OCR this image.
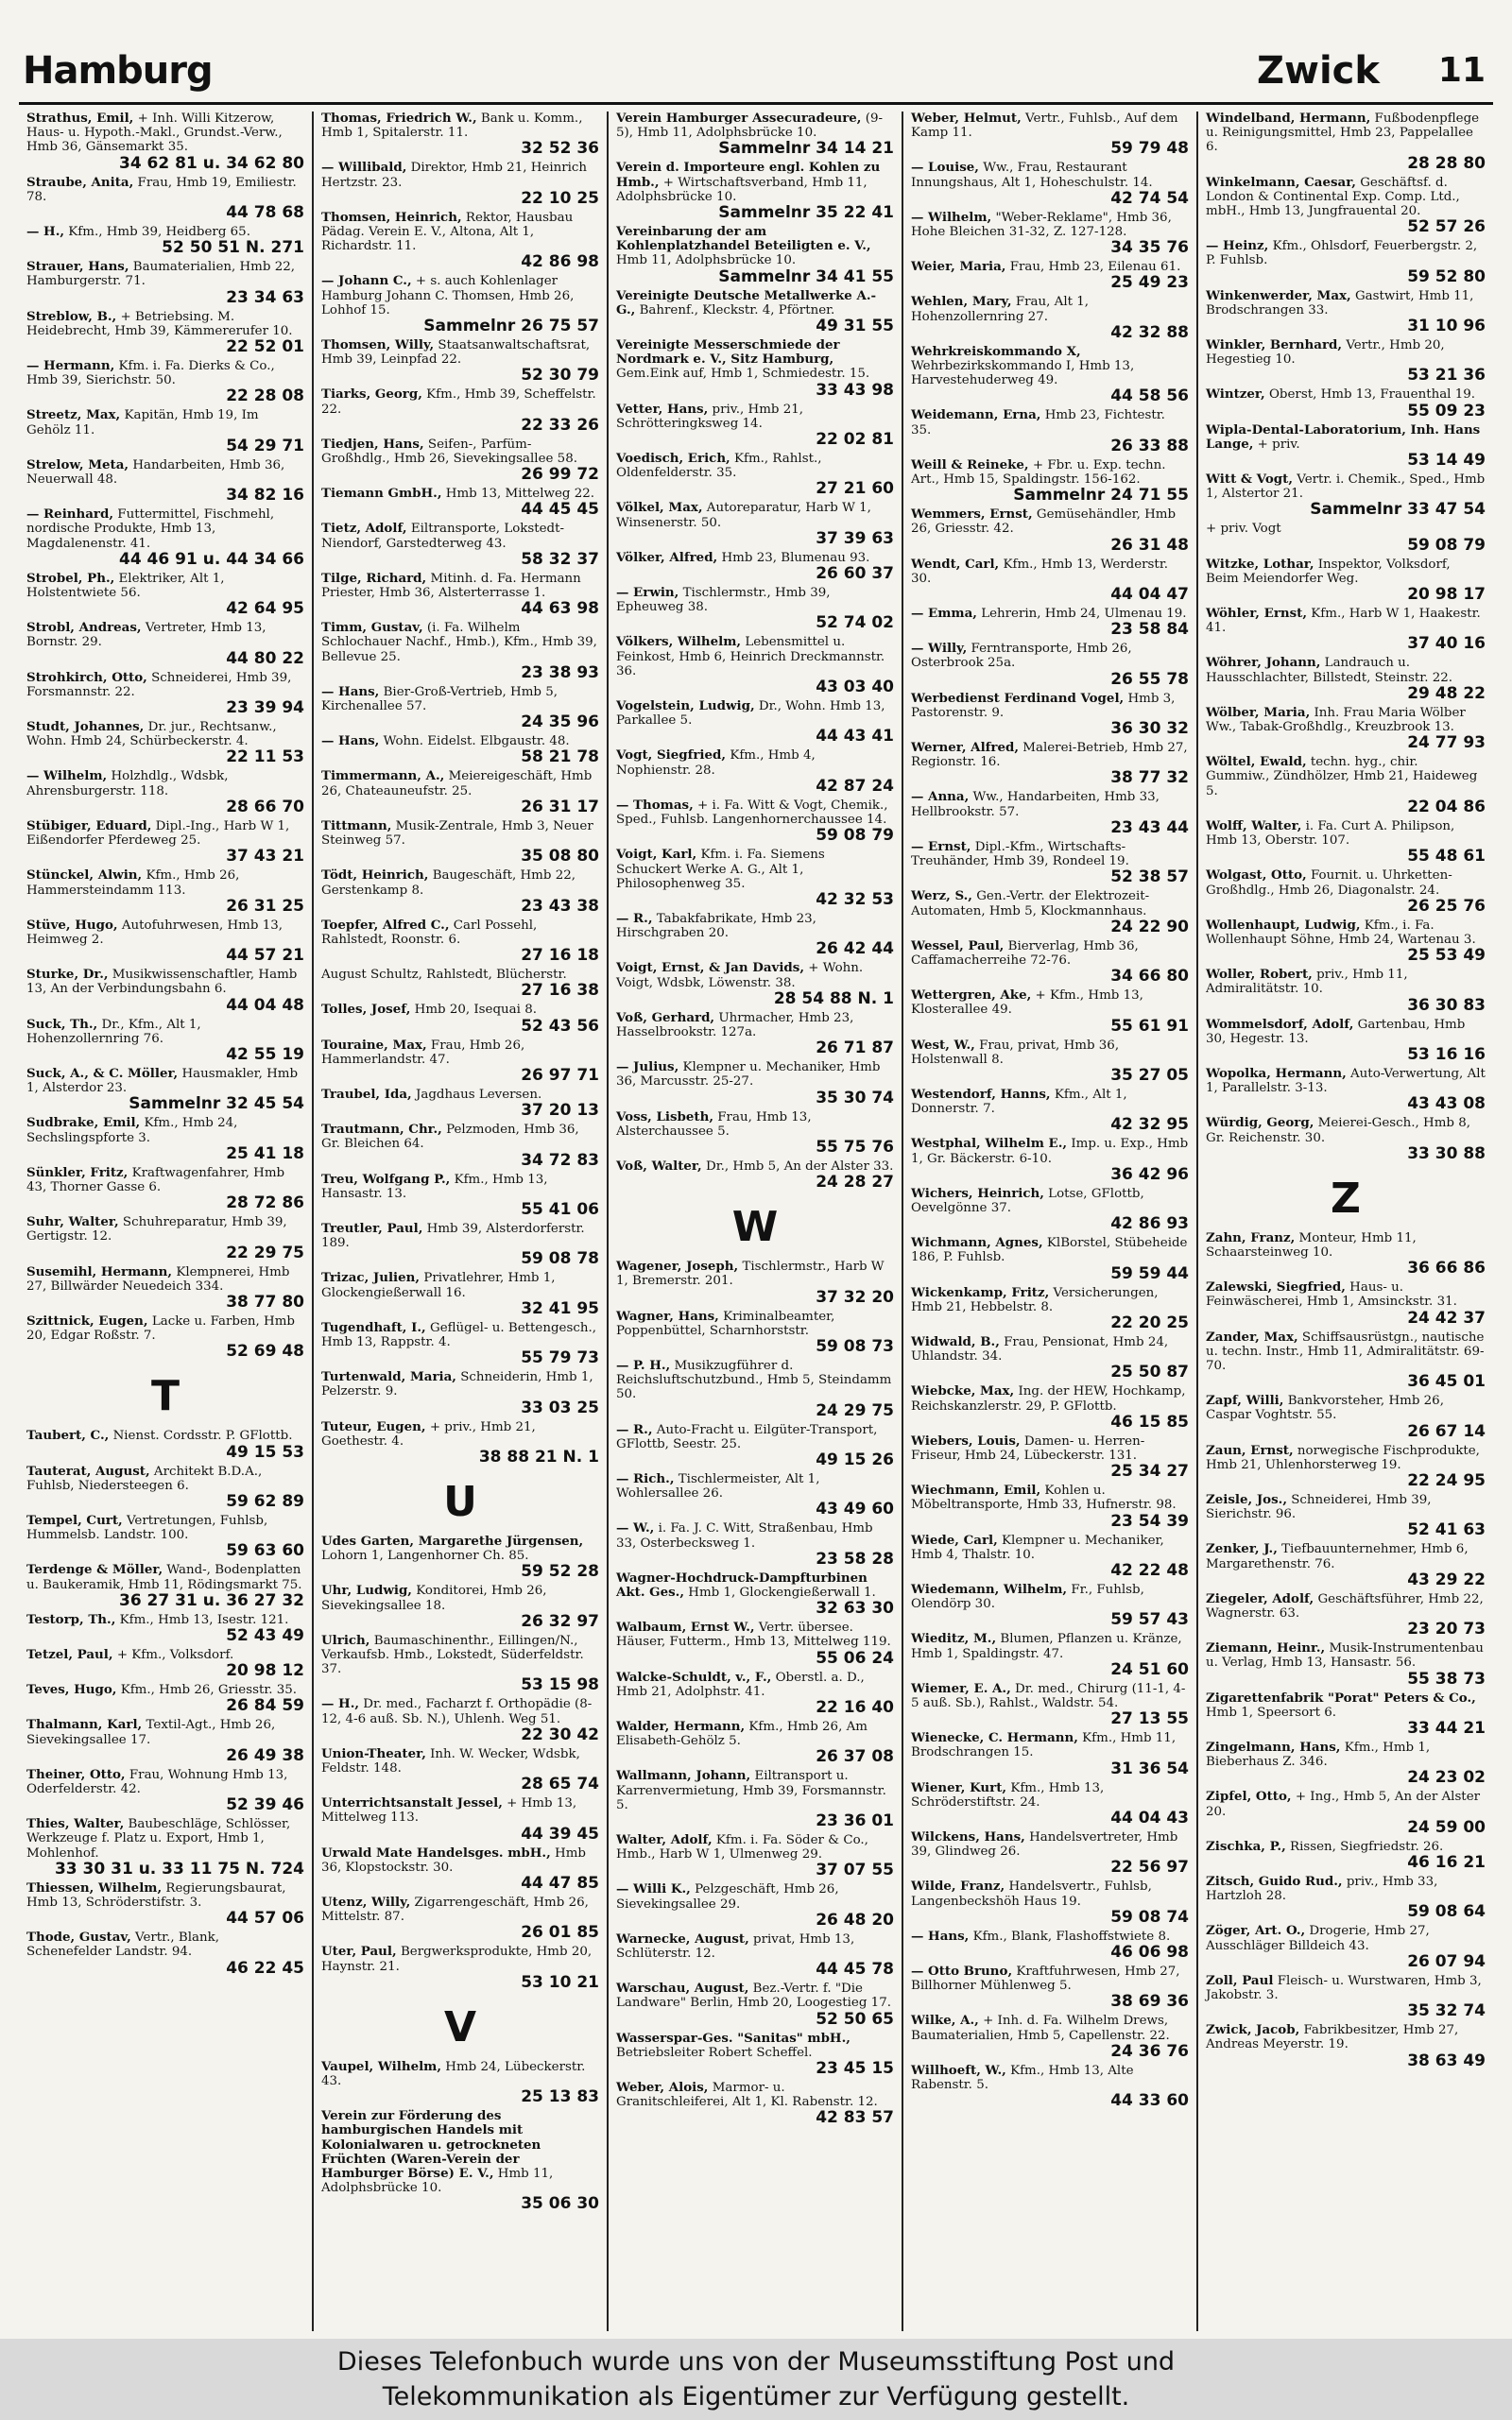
Hamburg	Zwick 11
Strathus, Emil, + Inh. Willi Kitzerow, Haus- u. Hypoth.-Makl., Grundst.-Verw., Hmb 36, Gänsemarkt 35.
34 62 81 u. 34 62 80
Straube, Anita, Frau, Hmb 19, Emiliestr. 78.
44 78 68
— H., Kfm., Hmb 39, Heidberg 65.
52 50 51 N. 271
Strauer, Hans, Baumaterialien, Hmb 22, Hamburgerstr. 71.
23 34 63
Streblow, B., + Betriebsing. M. Heidebrecht, Hmb 39, Kämmererufer 10.
22 52 01
— Hermann, Kfm. i. Fa. Dierks & Co., Hmb 39, Sierichstr. 50.
22 28 08
Streetz, Max, Kapitän, Hmb 19, Im Gehölz 11.
54 29 71
Strelow, Meta, Handarbeiten, Hmb 36, Neuerwall 48.
34 82 16
— Reinhard, Futtermittel, Fischmehl, nordische Produkte, Hmb 13, Magdalenenstr. 41.
44 46 91 u. 44 34 66
Strobel, Ph., Elektriker, Alt 1, Holstentwiete 56.
42 64 95
Strobl, Andreas, Vertreter, Hmb 13, Bornstr. 29.
44 80 22
Strohkirch, Otto, Schneiderei, Hmb 39, Forsmannstr. 22.
23 39 94
Studt, Johannes, Dr. jur., Rechtsanw., Wohn. Hmb 24, Schürbeckerstr. 4.
22 11 53
— Wilhelm, Holzhdlg., Wdsbk, Ahrensburgerstr. 118.
28 66 70
Stübiger, Eduard, Dipl.-Ing., Harb W 1, Eißendorfer Pferdeweg 25.
37 43 21
Stünckel, Alwin, Kfm., Hmb 26, Hammersteindamm 113.
26 31 25
Stüve, Hugo, Autofuhrwesen, Hmb 13, Heimweg 2.
44 57 21
Sturke, Dr., Musikwissenschaftler, Hamb 13, An der Verbindungsbahn 6.
44 04 48
Suck, Th., Dr., Kfm., Alt 1, Hohenzollernring 76.
42 55 19
Suck, A., & C. Möller, Hausmakler, Hmb 1, Alsterdor 23.
Sammelnr 32 45 54
Sudbrake, Emil, Kfm., Hmb 24, Sechslingspforte 3.
25 41 18
Sünkler, Fritz, Kraftwagenfahrer, Hmb 43, Thorner Gasse 6.
28 72 86
Suhr, Walter, Schuhreparatur, Hmb 39, Gertigstr. 12.
22 29 75
Susemihl, Hermann, Klempnerei, Hmb 27, Billwärder Neuedeich 334.
38 77 80
Szittnick, Eugen, Lacke u. Farben, Hmb 20, Edgar Roßstr. 7.
52 69 48
T
Taubert, C., Nienst. Cordsstr. P. GFlottb.
49 15 53
Tauterat, August, Architekt B.D.A., Fuhlsb, Niedersteegen 6.
59 62 89
Tempel, Curt, Vertretungen, Fuhlsb, Hummelsb. Landstr. 100.
59 63 60
Terdenge & Möller, Wand-, Bodenplatten u. Baukeramik, Hmb 11, Rödingsmarkt 75.
36 27 31 u. 36 27 32
Testorp, Th., Kfm., Hmb 13, Isestr. 121.
52 43 49
Tetzel, Paul, + Kfm., Volksdorf.
20 98 12
Teves, Hugo, Kfm., Hmb 26, Griesstr. 35.
26 84 59
Thalmann, Karl, Textil-Agt., Hmb 26, Sievekingsallee 17.
26 49 38
Theiner, Otto, Frau, Wohnung Hmb 13, Oderfelderstr. 42.
52 39 46
Thies, Walter, Baubeschläge, Schlösser, Werkzeuge f. Platz u. Export, Hmb 1, Mohlenhof.
33 30 31 u. 33 11 75 N. 724
Thiessen, Wilhelm, Regierungsbaurat, Hmb 13, Schröderstifstr. 3.
44 57 06
Thode, Gustav, Vertr., Blank, Schenefelder Landstr. 94.
46 22 45
Thomas, Friedrich W., Bank u. Komm., Hmb 1, Spitalerstr. 11.
32 52 36
— Willibald, Direktor, Hmb 21, Heinrich Hertzstr. 23.
22 10 25
Thomsen, Heinrich, Rektor, Hausbau Pädag. Verein E. V., Altona, Alt 1, Richardstr. 11.
42 86 98
— Johann C., + s. auch Kohlenlager Hamburg Johann C. Thomsen, Hmb 26, Lohhof 15.
Sammelnr 26 75 57
Thomsen, Willy, Staatsanwaltschaftsrat, Hmb 39, Leinpfad 22.
52 30 79
Tiarks, Georg, Kfm., Hmb 39, Scheffelstr. 22.
22 33 26
Tiedjen, Hans, Seifen-, Parfüm-Großhdlg., Hmb 26, Sievekingsallee 58.
26 99 72
Tiemann GmbH., Hmb 13, Mittelweg 22.
44 45 45
Tietz, Adolf, Eiltransporte, Lokstedt-Niendorf, Garstedterweg 43.
58 32 37
Tilge, Richard, Mitinh. d. Fa. Hermann Priester, Hmb 36, Alsterterrasse 1.
44 63 98
Timm, Gustav, (i. Fa. Wilhelm Schlochauer Nachf., Hmb.), Kfm., Hmb 39, Bellevue 25.
23 38 93
— Hans, Bier-Groß-Vertrieb, Hmb 5, Kirchenallee 57.
24 35 96
— Hans, Wohn. Eidelst. Elbgaustr. 48.
58 21 78
Timmermann, A., Meiereigeschäft, Hmb 26, Chateauneufstr. 25.
26 31 17
Tittmann, Musik-Zentrale, Hmb 3, Neuer Steinweg 57.
35 08 80
Tödt, Heinrich, Baugeschäft, Hmb 22, Gerstenkamp 8.
23 43 38
Toepfer, Alfred C., Carl Possehl, Rahlstedt, Roonstr. 6.
27 16 18
August Schultz, Rahlstedt, Blücherstr.
27 16 38
Tolles, Josef, Hmb 20, Isequai 8.
52 43 56
Touraine, Max, Frau, Hmb 26, Hammerlandstr. 47.
26 97 71
Traubel, Ida, Jagdhaus Leversen.
37 20 13
Trautmann, Chr., Pelzmoden, Hmb 36, Gr. Bleichen 64.
34 72 83
Treu, Wolfgang P., Kfm., Hmb 13, Hansastr. 13.
55 41 06
Treutler, Paul, Hmb 39, Alsterdorferstr. 189.
59 08 78
Trizac, Julien, Privatlehrer, Hmb 1, Glockengießerwall 16.
32 41 95
Tugendhaft, I., Geflügel- u. Bettengesch., Hmb 13, Rappstr. 4.
55 79 73
Turtenwald, Maria, Schneiderin, Hmb 1, Pelzerstr. 9.
33 03 25
Tuteur, Eugen, + priv., Hmb 21, Goethestr. 4.
38 88 21 N. 1
U
Udes Garten, Margarethe Jürgensen, Lohorn 1, Langenhorner Ch. 85.
59 52 28
Uhr, Ludwig, Konditorei, Hmb 26, Sievekingsallee 18.
26 32 97
Ulrich, Baumaschinenthr., Eillingen/N., Verkaufsb. Hmb., Lokstedt, Süderfeldstr. 37.
53 15 98
— H., Dr. med., Facharzt f. Orthopädie (8-12, 4-6 auß. Sb. N.), Uhlenh. Weg 51.
22 30 42
Union-Theater, Inh. W. Wecker, Wdsbk, Feldstr. 148.
28 65 74
Unterrichtsanstalt Jessel, + Hmb 13, Mittelweg 113.
44 39 45
Urwald Mate Handelsges. mbH., Hmb 36, Klopstockstr. 30.
44 47 85
Utenz, Willy, Zigarrengeschäft, Hmb 26, Mittelstr. 87.
26 01 85
Uter, Paul, Bergwerksprodukte, Hmb 20, Haynstr. 21.
53 10 21
V
Vaupel, Wilhelm, Hmb 24, Lübeckerstr. 43.
25 13 83
Verein zur Förderung des hamburgischen Handels mit Kolonialwaren u. getrockneten Früchten (Waren-Verein der Hamburger Börse) E. V., Hmb 11, Adolphsbrücke 10.
35 06 30
Verein Hamburger Assecuradeure, (9-5), Hmb 11, Adolphsbrücke 10.
Sammelnr 34 14 21
Verein d. Importeure engl. Kohlen zu Hmb., + Wirtschaftsverband, Hmb 11, Adolphsbrücke 10.
Sammelnr 35 22 41
Vereinbarung der am Kohlenplatzhandel Beteiligten e. V., Hmb 11, Adolphsbrücke 10.
Sammelnr 34 41 55
Vereinigte Deutsche Metallwerke A.-G., Bahrenf., Kleckstr. 4, Pförtner.
49 31 55
Vereinigte Messerschmiede der Nordmark e. V., Sitz Hamburg, Gem.Eink auf, Hmb 1, Schmiedestr. 15.
33 43 98
Vetter, Hans, priv., Hmb 21, Schrötteringksweg 14.
22 02 81
Voedisch, Erich, Kfm., Rahlst., Oldenfelderstr. 35.
27 21 60
Völkel, Max, Autoreparatur, Harb W 1, Winsenerstr. 50.
37 39 63
Völker, Alfred, Hmb 23, Blumenau 93.
26 60 37
— Erwin, Tischlermstr., Hmb 39, Epheuweg 38.
52 74 02
Völkers, Wilhelm, Lebensmittel u. Feinkost, Hmb 6, Heinrich Dreckmannstr. 36.
43 03 40
Vogelstein, Ludwig, Dr., Wohn. Hmb 13, Parkallee 5.
44 43 41
Vogt, Siegfried, Kfm., Hmb 4, Nophienstr. 28.
42 87 24
— Thomas, + i. Fa. Witt & Vogt, Chemik., Sped., Fuhlsb. Langenhornerchaussee 14.
59 08 79
Voigt, Karl, Kfm. i. Fa. Siemens Schuckert Werke A. G., Alt 1, Philosophenweg 35.
42 32 53
— R., Tabakfabrikate, Hmb 23, Hirschgraben 20.
26 42 44
Voigt, Ernst, & Jan Davids, + Wohn. Voigt, Wdsbk, Löwenstr. 38.
28 54 88 N. 1
Voß, Gerhard, Uhrmacher, Hmb 23, Hasselbrookstr. 127a.
26 71 87
— Julius, Klempner u. Mechaniker, Hmb 36, Marcusstr. 25-27.
35 30 74
Voss, Lisbeth, Frau, Hmb 13, Alsterchaussee 5.
55 75 76
Voß, Walter, Dr., Hmb 5, An der Alster 33.
24 28 27
W
Wagener, Joseph, Tischlermstr., Harb W 1, Bremerstr. 201.
37 32 20
Wagner, Hans, Kriminalbeamter, Poppenbüttel, Scharnhorststr.
59 08 73
— P. H., Musikzugführer d. Reichsluftschutzbund., Hmb 5, Steindamm 50.
24 29 75
— R., Auto-Fracht u. Eilgüter-Transport, GFlottb, Seestr. 25.
49 15 26
— Rich., Tischlermeister, Alt 1, Wohlersallee 26.
43 49 60
— W., i. Fa. J. C. Witt, Straßenbau, Hmb 33, Osterbecksweg 1.
23 58 28
Wagner-Hochdruck-Dampfturbinen Akt. Ges., Hmb 1, Glockengießerwall 1.
32 63 30
Walbaum, Ernst W., Vertr. übersee. Häuser, Futterm., Hmb 13, Mittelweg 119.
55 06 24
Walcke-Schuldt, v., F., Oberstl. a. D., Hmb 21, Adolphstr. 41.
22 16 40
Walder, Hermann, Kfm., Hmb 26, Am Elisabeth-Gehölz 5.
26 37 08
Wallmann, Johann, Eiltransport u. Karrenvermietung, Hmb 39, Forsmannstr. 5.
23 36 01
Walter, Adolf, Kfm. i. Fa. Söder & Co., Hmb., Harb W 1, Ulmenweg 29.
37 07 55
— Willi K., Pelzgeschäft, Hmb 26, Sievekingsallee 29.
26 48 20
Warnecke, August, privat, Hmb 13, Schlüterstr. 12.
44 45 78
Warschau, August, Bez.-Vertr. f. "Die Landware" Berlin, Hmb 20, Loogestieg 17.
52 50 65
Wasserspar-Ges. "Sanitas" mbH., Betriebsleiter Robert Scheffel.
23 45 15
Weber, Alois, Marmor- u. Granitschleiferei, Alt 1, Kl. Rabenstr. 12.
42 83 57
Weber, Helmut, Vertr., Fuhlsb., Auf dem Kamp 11.
59 79 48
— Louise, Ww., Frau, Restaurant Innungshaus, Alt 1, Hoheschulstr. 14.
42 74 54
— Wilhelm, "Weber-Reklame", Hmb 36, Hohe Bleichen 31-32, Z. 127-128.
34 35 76
Weier, Maria, Frau, Hmb 23, Eilenau 61.
25 49 23
Wehlen, Mary, Frau, Alt 1, Hohenzollernring 27.
42 32 88
Wehrkreiskommando X, Wehrbezirkskommando I, Hmb 13, Harvestehuderweg 49.
44 58 56
Weidemann, Erna, Hmb 23, Fichtestr. 35.
26 33 88
Weill & Reineke, + Fbr. u. Exp. techn. Art., Hmb 15, Spaldingstr. 156-162.
Sammelnr 24 71 55
Wemmers, Ernst, Gemüsehändler, Hmb 26, Griesstr. 42.
26 31 48
Wendt, Carl, Kfm., Hmb 13, Werderstr. 30.
44 04 47
— Emma, Lehrerin, Hmb 24, Ulmenau 19.
23 58 84
— Willy, Ferntransporte, Hmb 26, Osterbrook 25a.
26 55 78
Werbedienst Ferdinand Vogel, Hmb 3, Pastorenstr. 9.
36 30 32
Werner, Alfred, Malerei-Betrieb, Hmb 27, Regionstr. 16.
38 77 32
— Anna, Ww., Handarbeiten, Hmb 33, Hellbrookstr. 57.
23 43 44
— Ernst, Dipl.-Kfm., Wirtschafts-Treuhänder, Hmb 39, Rondeel 19.
52 38 57
Werz, S., Gen.-Vertr. der Elektrozeit-Automaten, Hmb 5, Klockmannhaus.
24 22 90
Wessel, Paul, Bierverlag, Hmb 36, Caffamacherreihe 72-76.
34 66 80
Wettergren, Ake, + Kfm., Hmb 13, Klosterallee 49.
55 61 91
West, W., Frau, privat, Hmb 36, Holstenwall 8.
35 27 05
Westendorf, Hanns, Kfm., Alt 1, Donnerstr. 7.
42 32 95
Westphal, Wilhelm E., Imp. u. Exp., Hmb 1, Gr. Bäckerstr. 6-10.
36 42 96
Wichers, Heinrich, Lotse, GFlottb, Oevelgönne 37.
42 86 93
Wichmann, Agnes, KlBorstel, Stübeheide 186, P. Fuhlsb.
59 59 44
Wickenkamp, Fritz, Versicherungen, Hmb 21, Hebbelstr. 8.
22 20 25
Widwald, B., Frau, Pensionat, Hmb 24, Uhlandstr. 34.
25 50 87
Wiebcke, Max, Ing. der HEW, Hochkamp, Reichskanzlerstr. 29, P. GFlottb.
46 15 85
Wiebers, Louis, Damen- u. Herren-Friseur, Hmb 24, Lübeckerstr. 131.
25 34 27
Wiechmann, Emil, Kohlen u. Möbeltransporte, Hmb 33, Hufnerstr. 98.
23 54 39
Wiede, Carl, Klempner u. Mechaniker, Hmb 4, Thalstr. 10.
42 22 48
Wiedemann, Wilhelm, Fr., Fuhlsb, Olendörp 30.
59 57 43
Wieditz, M., Blumen, Pflanzen u. Kränze, Hmb 1, Spaldingstr. 47.
24 51 60
Wiemer, E. A., Dr. med., Chirurg (11-1, 4-5 auß. Sb.), Rahlst., Waldstr. 54.
27 13 55
Wienecke, C. Hermann, Kfm., Hmb 11, Brodschrangen 15.
31 36 54
Wiener, Kurt, Kfm., Hmb 13, Schröderstiftstr. 24.
44 04 43
Wilckens, Hans, Handelsvertreter, Hmb 39, Glindweg 26.
22 56 97
Wilde, Franz, Handelsvertr., Fuhlsb, Langenbeckshöh Haus 19.
59 08 74
— Hans, Kfm., Blank, Flashoffstwiete 8.
46 06 98
— Otto Bruno, Kraftfuhrwesen, Hmb 27, Billhorner Mühlenweg 5.
38 69 36
Wilke, A., + Inh. d. Fa. Wilhelm Drews, Baumaterialien, Hmb 5, Capellenstr. 22.
24 36 76
Willhoeft, W., Kfm., Hmb 13, Alte Rabenstr. 5.
44 33 60
Windelband, Hermann, Fußbodenpflege u. Reinigungsmittel, Hmb 23, Pappelallee 6.
28 28 80
Winkelmann, Caesar, Geschäftsf. d. London & Continental Exp. Comp. Ltd., mbH., Hmb 13, Jungfrauental 20.
52 57 26
— Heinz, Kfm., Ohlsdorf, Feuerbergstr. 2, P. Fuhlsb.
59 52 80
Winkenwerder, Max, Gastwirt, Hmb 11, Brodschrangen 33.
31 10 96
Winkler, Bernhard, Vertr., Hmb 20, Hegestieg 10.
53 21 36
Wintzer, Oberst, Hmb 13, Frauenthal 19.
55 09 23
Wipla-Dental-Laboratorium, Inh. Hans Lange, + priv.
53 14 49
Witt & Vogt, Vertr. i. Chemik., Sped., Hmb 1, Alstertor 21.
Sammelnr 33 47 54
+ priv. Vogt
59 08 79
Witzke, Lothar, Inspektor, Volksdorf, Beim Meiendorfer Weg.
20 98 17
Wöhler, Ernst, Kfm., Harb W 1, Haakestr. 41.
37 40 16
Wöhrer, Johann, Landrauch u. Hausschlachter, Billstedt, Steinstr. 22.
29 48 22
Wölber, Maria, Inh. Frau Maria Wölber Ww., Tabak-Großhdlg., Kreuzbrook 13.
24 77 93
Wöltel, Ewald, techn. hyg., chir. Gummiw., Zündhölzer, Hmb 21, Haideweg 5.
22 04 86
Wolff, Walter, i. Fa. Curt A. Philipson, Hmb 13, Oberstr. 107.
55 48 61
Wolgast, Otto, Fournit. u. Uhrketten-Großhdlg., Hmb 26, Diagonalstr. 24.
26 25 76
Wollenhaupt, Ludwig, Kfm., i. Fa. Wollenhaupt Söhne, Hmb 24, Wartenau 3.
25 53 49
Woller, Robert, priv., Hmb 11, Admiralitätstr. 10.
36 30 83
Wommelsdorf, Adolf, Gartenbau, Hmb 30, Hegestr. 13.
53 16 16
Wopolka, Hermann, Auto-Verwertung, Alt 1, Parallelstr. 3-13.
43 43 08
Würdig, Georg, Meierei-Gesch., Hmb 8, Gr. Reichenstr. 30.
33 30 88
Z
Zahn, Franz, Monteur, Hmb 11, Schaarsteinweg 10.
36 66 86
Zalewski, Siegfried, Haus- u. Feinwäscherei, Hmb 1, Amsinckstr. 31.
24 42 37
Zander, Max, Schiffsausrüstgn., nautische u. techn. Instr., Hmb 11, Admiralitätstr. 69-70.
36 45 01
Zapf, Willi, Bankvorsteher, Hmb 26, Caspar Voghtstr. 55.
26 67 14
Zaun, Ernst, norwegische Fischprodukte, Hmb 21, Uhlenhorsterweg 19.
22 24 95
Zeisle, Jos., Schneiderei, Hmb 39, Sierichstr. 96.
52 41 63
Zenker, J., Tiefbauunternehmer, Hmb 6, Margarethenstr. 76.
43 29 22
Ziegeler, Adolf, Geschäftsführer, Hmb 22, Wagnerstr. 63.
23 20 73
Ziemann, Heinr., Musik-Instrumentenbau u. Verlag, Hmb 13, Hansastr. 56.
55 38 73
Zigarettenfabrik "Porat" Peters & Co., Hmb 1, Speersort 6.
33 44 21
Zingelmann, Hans, Kfm., Hmb 1, Bieberhaus Z. 346.
24 23 02
Zipfel, Otto, + Ing., Hmb 5, An der Alster 20.
24 59 00
Zischka, P., Rissen, Siegfriedstr. 26.
46 16 21
Zitsch, Guido Rud., priv., Hmb 33, Hartzloh 28.
59 08 64
Zöger, Art. O., Drogerie, Hmb 27, Ausschläger Billdeich 43.
26 07 94
Zoll, Paul Fleisch- u. Wurstwaren, Hmb 3, Jakobstr. 3.
35 32 74
Zwick, Jacob, Fabrikbesitzer, Hmb 27, Andreas Meyerstr. 19.
38 63 49
Dieses Telefonbuch wurde uns von der Museumsstiftung Post und
Telekommunikation als Eigentümer zur Verfügung gestellt.
